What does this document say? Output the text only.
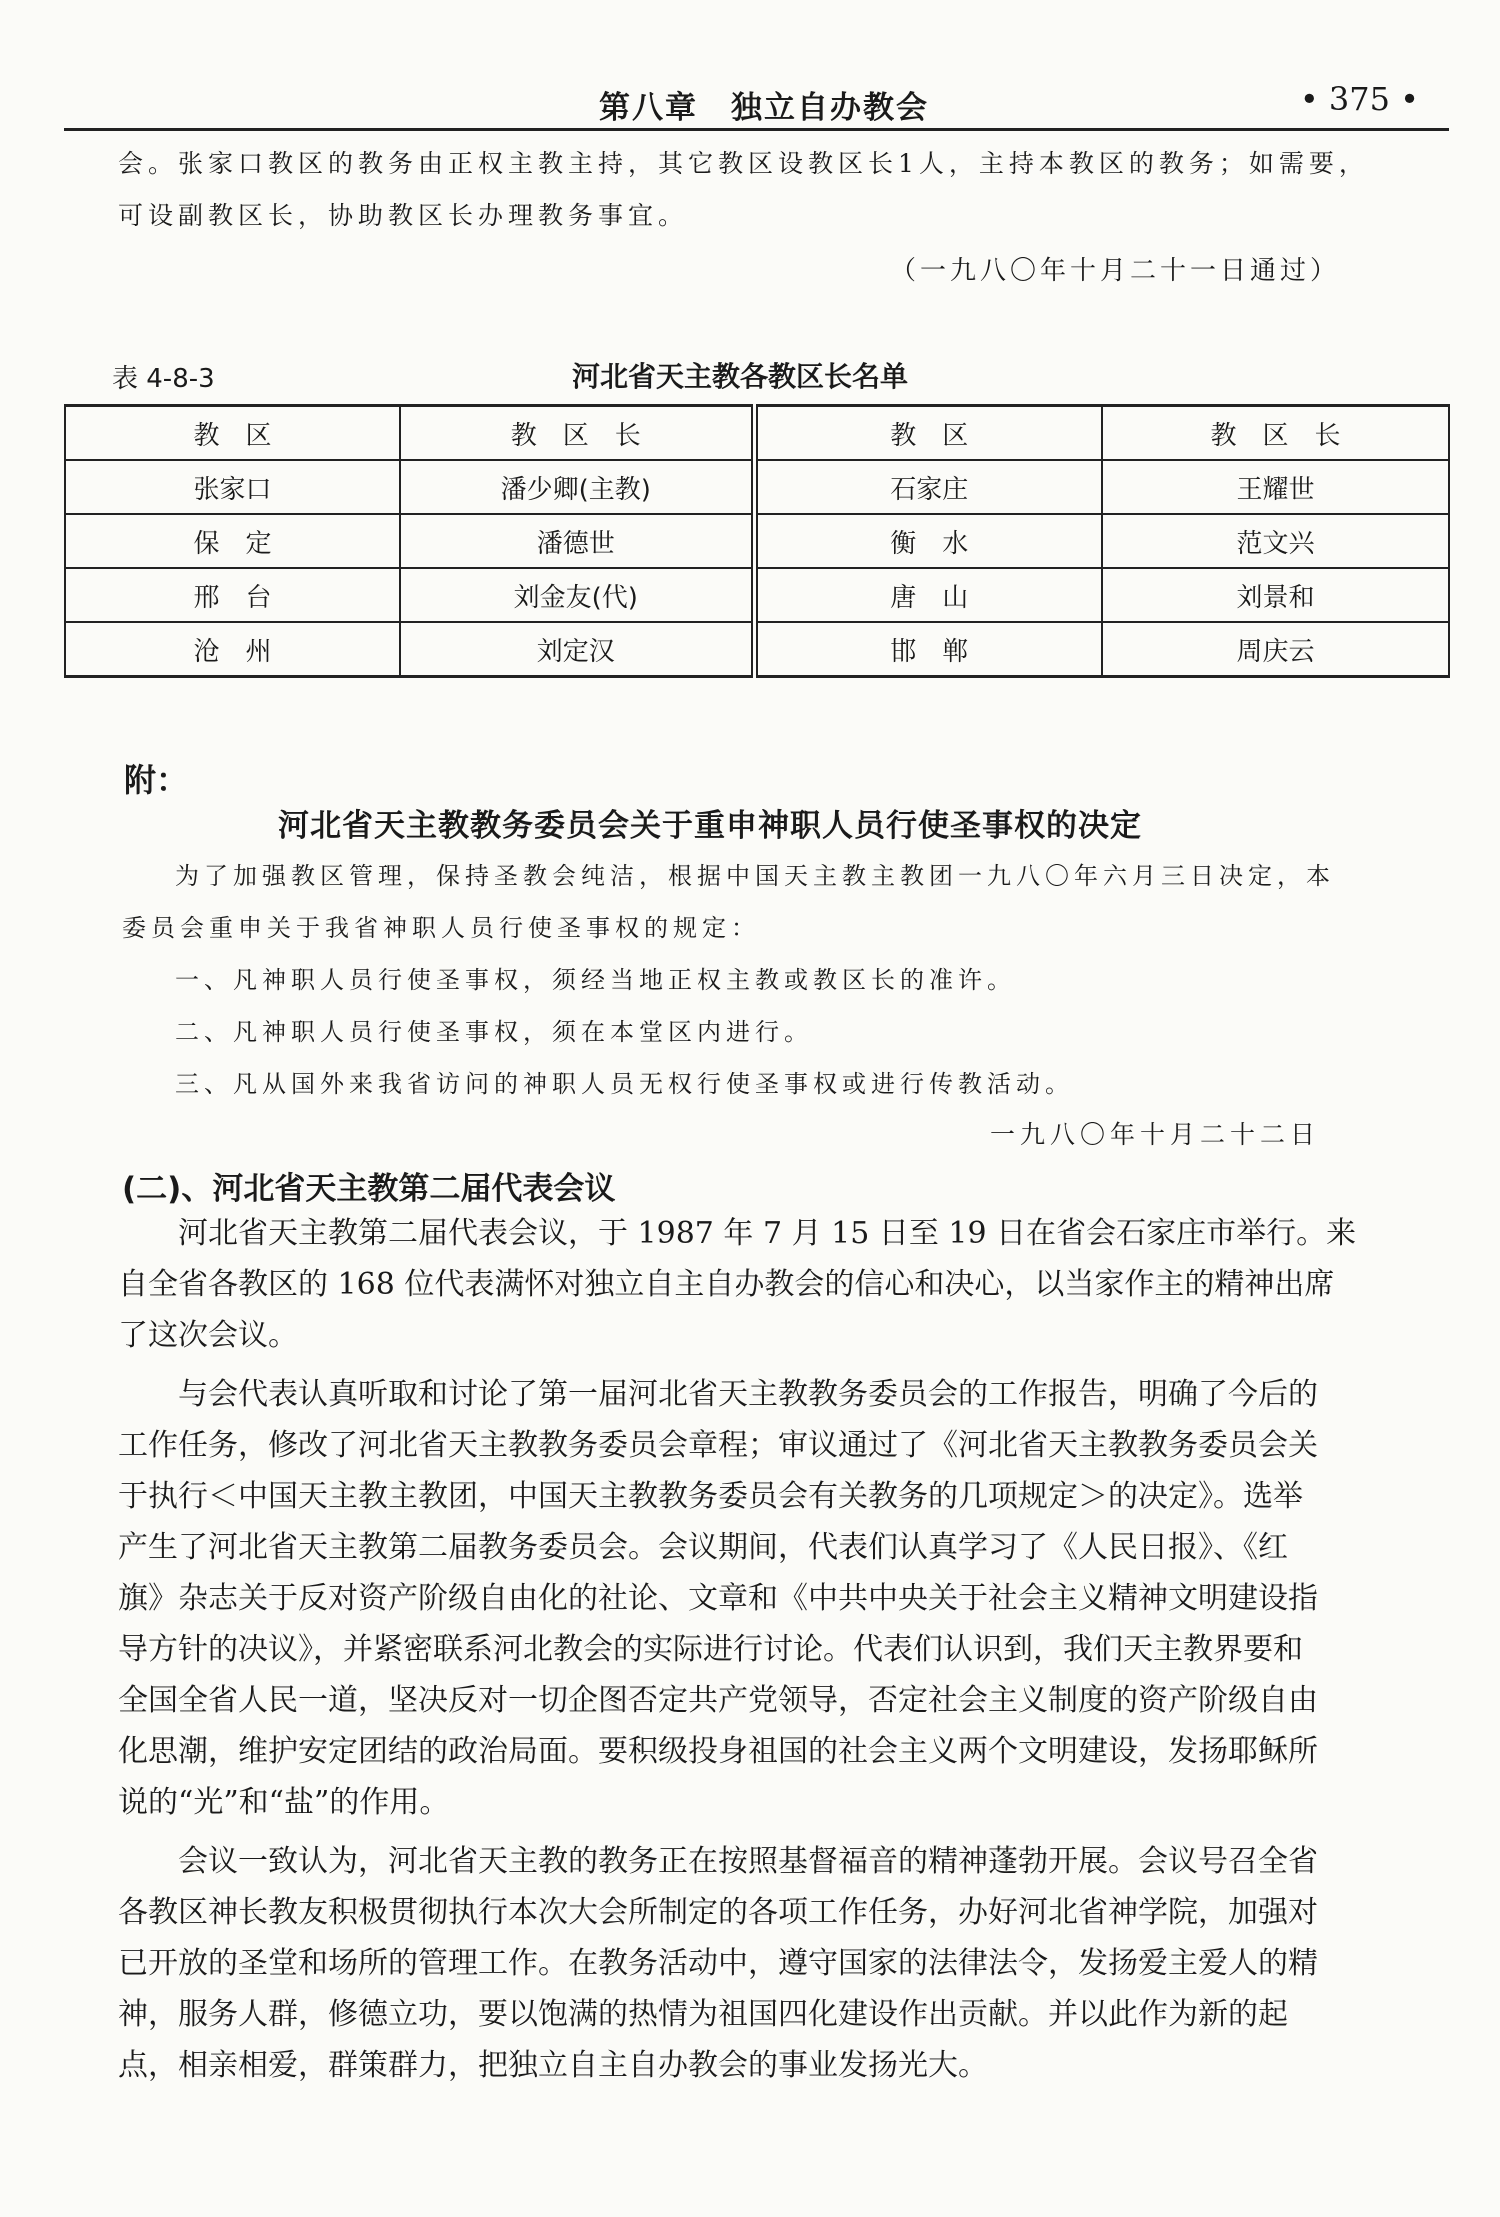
第八章　独立自办教会	• 375 •

会。张家口教区的教务由正权主教主持，其它教区设教区长1人，主持本教区的教务；如需要，

可设副教区长，协助教区长办理教务事宜。

（一九八〇年十月二十一日通过）
表 4-8-3	河北省天主教各教区长名单
教　区	教　区　长	教　区	教　区　长
张家口	潘少卿(主教)	石家庄	王耀世
保　定	潘德世	衡　水	范文兴
邢　台	刘金友(代)	唐　山	刘景和
沧　州	刘定汉	邯　郸	周庆云
附：
河北省天主教教务委员会关于重申神职人员行使圣事权的决定

为了加强教区管理，保持圣教会纯洁，根据中国天主教主教团一九八〇年六月三日决定，本

委员会重申关于我省神职人员行使圣事权的规定：

一、凡神职人员行使圣事权，须经当地正权主教或教区长的准许。

二、凡神职人员行使圣事权，须在本堂区内进行。

三、凡从国外来我省访问的神职人员无权行使圣事权或进行传教活动。

一九八〇年十月二十二日
(二)、河北省天主教第二届代表会议

　　河北省天主教第二届代表会议，于 1987 年 7 月 15 日至 19 日在省会石家庄市举行。来

自全省各教区的 168 位代表满怀对独立自主自办教会的信心和决心，以当家作主的精神出席

了这次会议。

　　与会代表认真听取和讨论了第一届河北省天主教教务委员会的工作报告，明确了今后的

工作任务，修改了河北省天主教教务委员会章程；审议通过了《河北省天主教教务委员会关

于执行＜中国天主教主教团，中国天主教教务委员会有关教务的几项规定＞的决定》。选举

产生了河北省天主教第二届教务委员会。会议期间，代表们认真学习了《人民日报》、《红

旗》杂志关于反对资产阶级自由化的社论、文章和《中共中央关于社会主义精神文明建设指

导方针的决议》，并紧密联系河北教会的实际进行讨论。代表们认识到，我们天主教界要和

全国全省人民一道，坚决反对一切企图否定共产党领导，否定社会主义制度的资产阶级自由

化思潮，维护安定团结的政治局面。要积级投身祖国的社会主义两个文明建设，发扬耶稣所

说的“光”和“盐”的作用。

　　会议一致认为，河北省天主教的教务正在按照基督福音的精神蓬勃开展。会议号召全省

各教区神长教友积极贯彻执行本次大会所制定的各项工作任务，办好河北省神学院，加强对

已开放的圣堂和场所的管理工作。在教务活动中，遵守国家的法律法令，发扬爱主爱人的精

神，服务人群，修德立功，要以饱满的热情为祖国四化建设作出贡献。并以此作为新的起

点，相亲相爱，群策群力，把独立自主自办教会的事业发扬光大。
